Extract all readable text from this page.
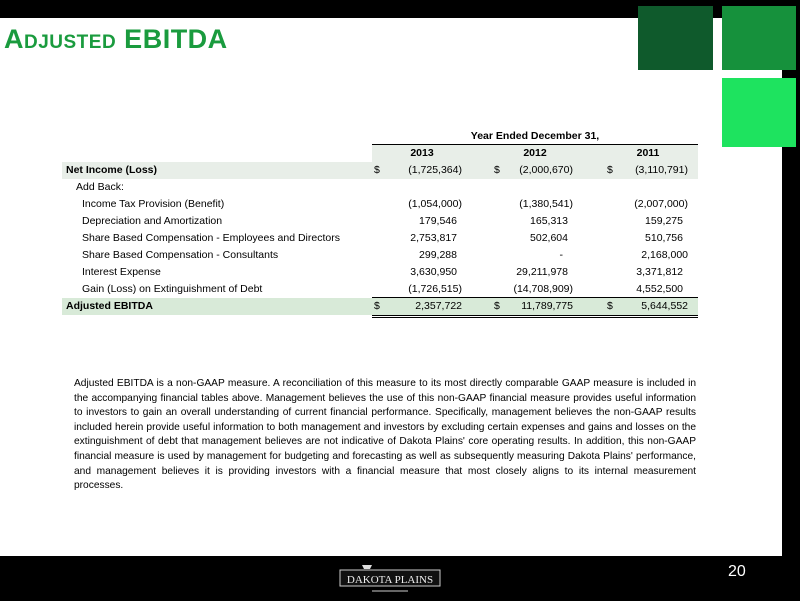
Adjusted EBITDA
Year Ended December 31,
2013	2012	2011
Net Income (Loss)	$	(1,725,364)	$	(2,000,670)	$	(3,110,791)
Add Back:
Income Tax Provision (Benefit)	(1,054,000)	(1,380,541)	(2,007,000)
Depreciation and Amortization	179,546	165,313	159,275
Share Based Compensation - Employees and Directors	2,753,817	502,604	510,756
Share Based Compensation - Consultants	299,288	-	2,168,000
Interest Expense	3,630,950	29,211,978	3,371,812
Gain (Loss) on Extinguishment of Debt	(1,726,515)	(14,708,909)	4,552,500
Adjusted EBITDA	$	2,357,722	$	11,789,775	$	5,644,552
Adjusted EBITDA is a non-GAAP measure. A reconciliation of this measure to its most directly comparable GAAP measure is included in the accompanying financial tables above. Management believes the use of this non-GAAP financial measure provides useful information to investors to gain an overall understanding of current financial performance. Specifically, management believes the non-GAAP results included herein provide useful information to both management and investors by excluding certain expenses and gains and losses on the extinguishment of debt that management believes are not indicative of Dakota Plains' core operating results. In addition, this non-GAAP financial measure is used by management for budgeting and forecasting as well as subsequently measuring Dakota Plains' performance, and management believes it is providing investors with a financial measure that most closely aligns to its internal measurement processes.
DAKOTA PLAINS	20
